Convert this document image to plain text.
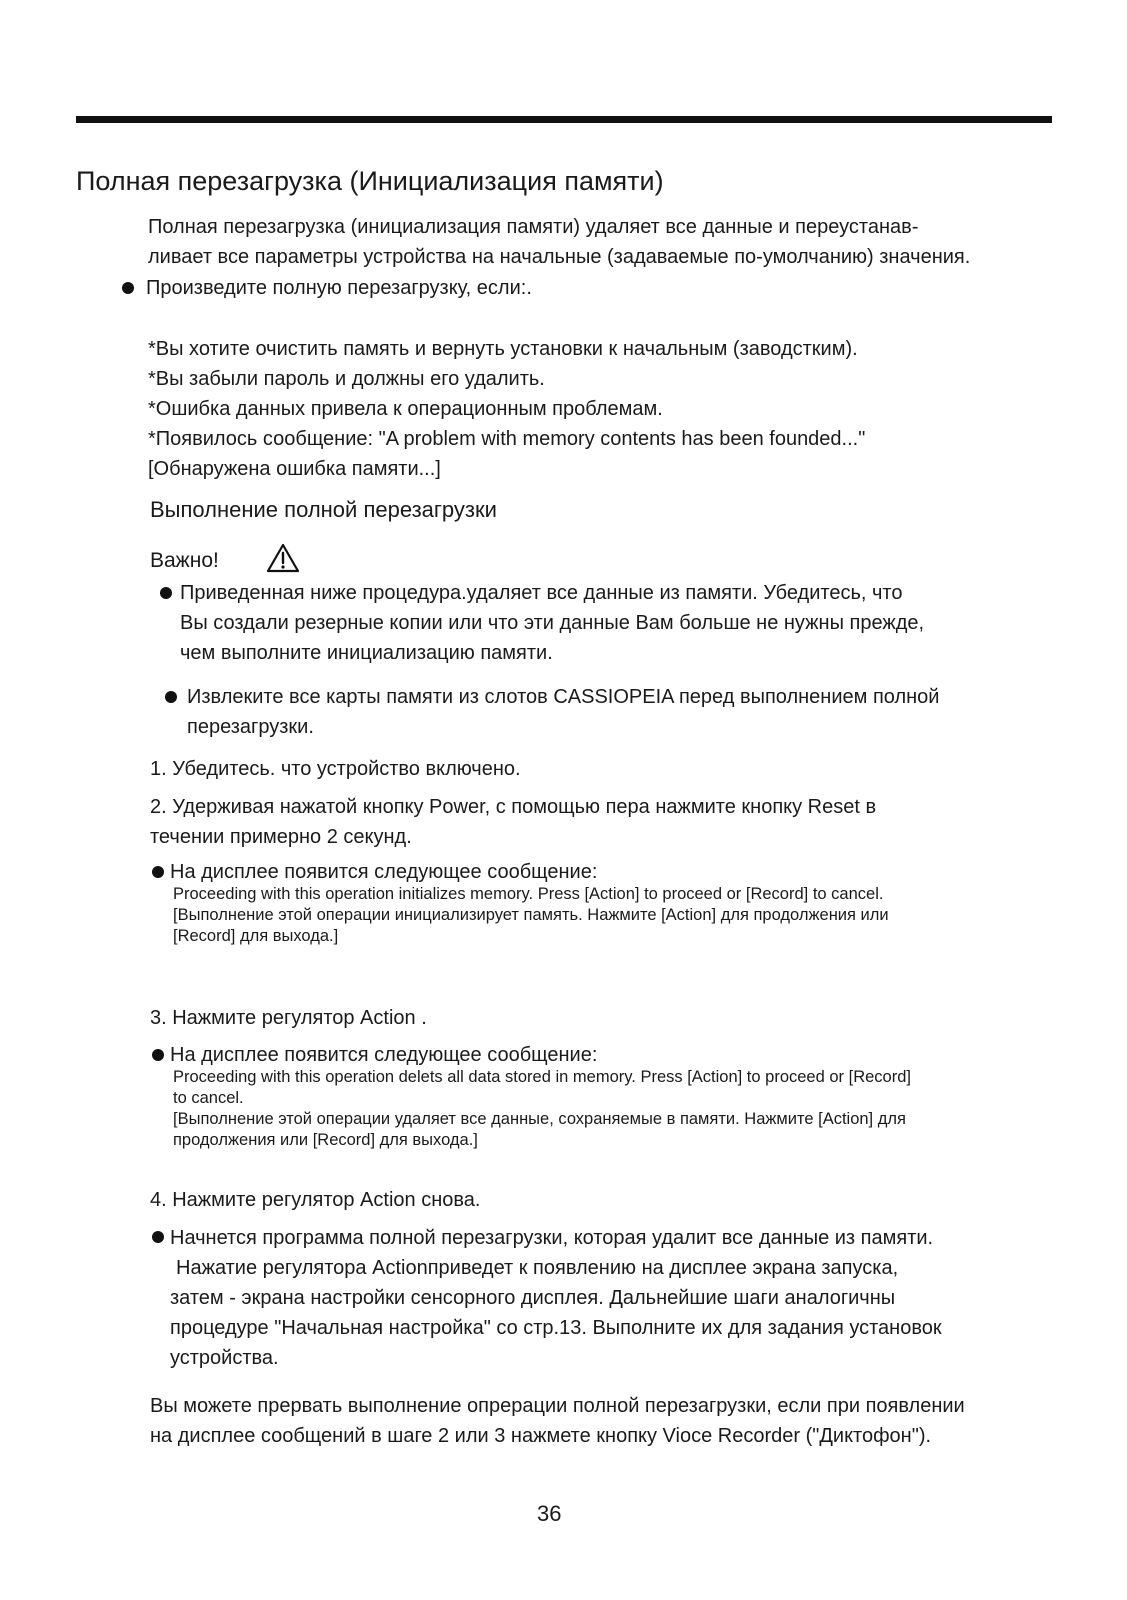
Полная перезагрузка (Инициализация памяти)
Полная перезагрузка (инициализация памяти) удаляет все данные и переустанав-
ливает все параметры устройства на начальные (задаваемые по-умолчанию) значения.
Произведите полную перезагрузку, если:.
*Вы хотите очистить память и вернуть установки к начальным (заводстким).
*Вы забыли пароль и должны его удалить.
*Ошибка данных привела к операционным проблемам.
*Появилось сообщение: "A problem with memory contents has been founded..."
[Обнаружена ошибка памяти...]
Выполнение полной перезагрузки
Важно!
Приведенная ниже процедура.удаляет все данные из памяти. Убедитесь, что
Вы создали резерные копии или что эти данные Вам больше не нужны прежде,
чем выполните инициализацию памяти.
Извлеките все карты памяти из слотов CASSIOPEIA перед выполнением полной
перезагрузки.
1. Убедитесь. что устройство включено.
2. Удерживая нажатой кнопку Power, с помощью пера нажмите кнопку Reset в
течении примерно 2 секунд.
На дисплее появится следующее сообщение:
Proceeding with this operation initializes memory. Press [Action] to proceed or [Record] to cancel.
[Выполнение этой операции инициализирует память. Нажмите [Action] для продолжения или
[Record] для выхода.]
3. Нажмите регулятор Action .
На дисплее появится следующее сообщение:
Proceeding with this operation delets all data stored in memory. Press [Action] to proceed or [Record]
to cancel.
[Выполнение этой операции удаляет все данные, сохраняемые в памяти. Нажмите [Action] для
продолжения или [Record] для выхода.]
4. Нажмите регулятор Action снова.
Начнется программа полной перезагрузки, которая удалит все данные из памяти.
Нажатие регулятора Actionприведет к появлению на дисплее экрана запуска,
затем - экрана настройки сенсорного дисплея. Дальнейшие шаги аналогичны
процедуре "Начальная настройка" со стр.13. Выполните их для задания установок
устройства.
Вы можете прервать выполнение опрерации полной перезагрузки, если при появлении
на дисплее сообщений в шаге 2 или 3 нажмете кнопку Vioce Recorder ("Диктофон").
36
